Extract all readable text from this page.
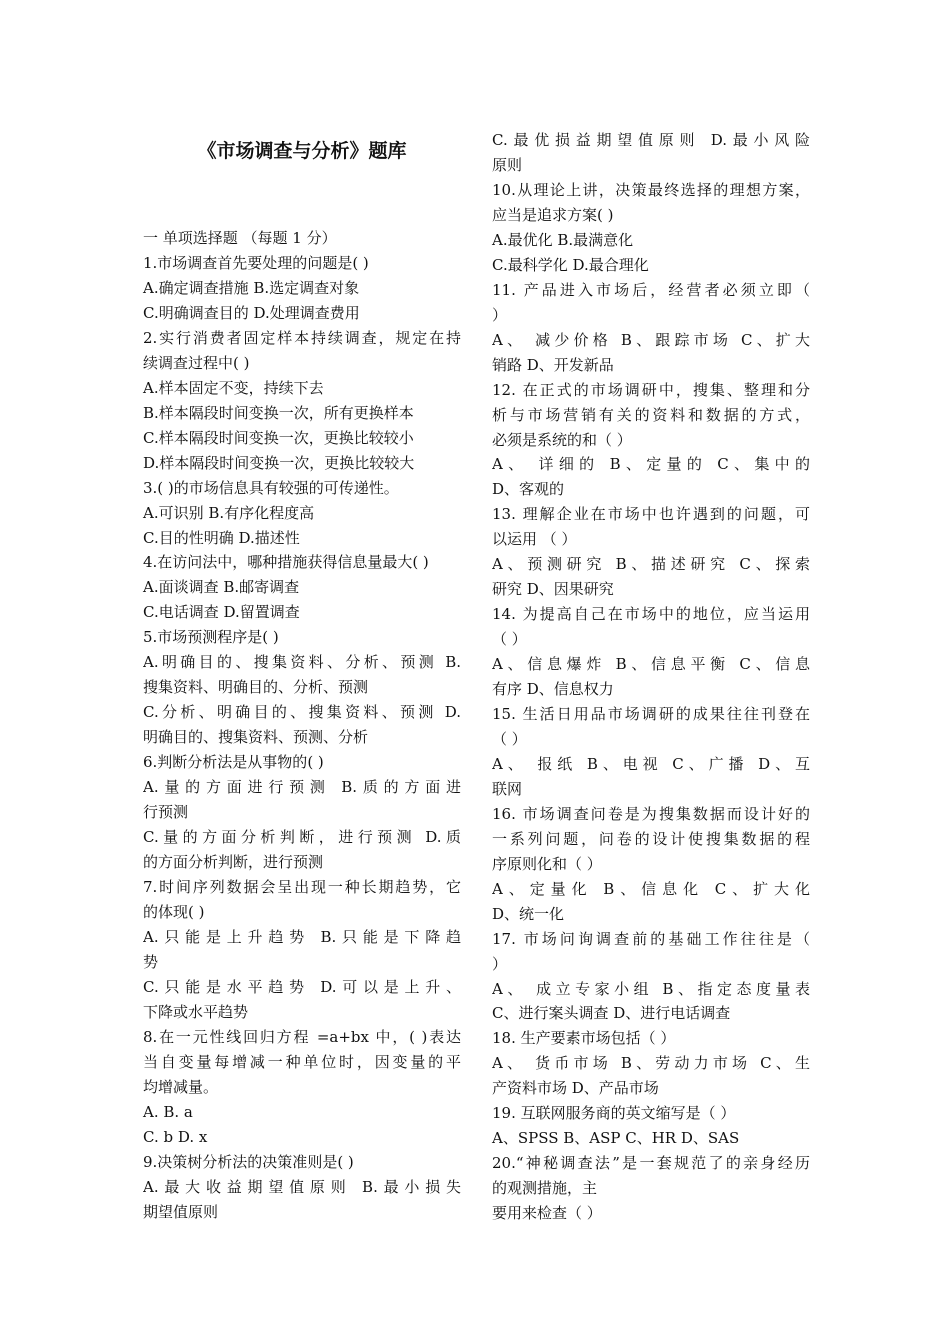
《市场调查与分析》题库
一 单项选择题 （每题 1 分）
1.市场调查首先要处理的问题是( )
A.确定调查措施 B.选定调查对象
C.明确调查目的 D.处理调查费用
2.实行消费者固定样本持续调查，规定在持
续调查过程中( )
A.样本固定不变，持续下去
B.样本隔段时间变换一次，所有更换样本
C.样本隔段时间变换一次，更换比较较小
D.样本隔段时间变换一次，更换比较较大
3.( )的市场信息具有较强的可传递性。
A.可识别 B.有序化程度高
C.目的性明确 D.描述性
4.在访问法中，哪种措施获得信息量最大( )
A.面谈调查 B.邮寄调查
C.电话调查 D.留置调查
5.市场预测程序是( )
A.明确目的、搜集资料、分析、预测 B.
搜集资料、明确目的、分析、预测
C.分析、明确目的、搜集资料、预测 D.
明确目的、搜集资料、预测、分析
6.判断分析法是从事物的( )
A.量的方面进行预测 B.质的方面进
行预测
C.量的方面分析判断，进行预测 D.质
的方面分析判断，进行预测
7.时间序列数据会呈出现一种长期趋势，它
的体现( )
A.只能是上升趋势 B.只能是下降趋
势
C.只能是水平趋势 D.可以是上升、
下降或水平趋势
8.在一元性线回归方程 =a+bx 中，( )表达
当自变量每增减一种单位时，因变量的平
均增减量。
A. B. a
C. b D. x
9.决策树分析法的决策准则是( )
A.最大收益期望值原则 B.最小损失
期望值原则
C.最优损益期望值原则 D.最小风险
原则
10.从理论上讲，决策最终选择的理想方案，
应当是追求方案( )
A.最优化 B.最满意化
C.最科学化 D.最合理化
11. 产品进入市场后，经营者必须立即（
）
A、 减少价格 B、跟踪市场 C、扩大
销路 D、开发新品
12. 在正式的市场调研中，搜集、整理和分
析与市场营销有关的资料和数据的方式，
必须是系统的和（ ）
A、 详细的 B、定量的 C、集中的
D、客观的
13. 理解企业在市场中也许遇到的问题，可
以运用 （ ）
A、预测研究 B、描述研究 C、探索
研究 D、因果研究
14. 为提高自己在市场中的地位，应当运用
（ ）
A、信息爆炸 B、信息平衡 C、信息
有序 D、信息权力
15. 生活日用品市场调研的成果往往刊登在
（ ）
A、 报纸 B、电视 C、广播 D、互
联网
16. 市场调查问卷是为搜集数据而设计好的
一系列问题，问卷的设计使搜集数据的程
序原则化和（ ）
A、定量化 B、信息化 C、扩大化
D、统一化
17. 市场问询调查前的基础工作往往是（
）
A、 成立专家小组 B、指定态度量表
C、进行案头调查 D、进行电话调查
18. 生产要素市场包括（ ）
A、 货币市场 B、劳动力市场 C、生
产资料市场 D、产品市场
19. 互联网服务商的英文缩写是（ ）
A、SPSS B、ASP C、HR D、SAS
20.“神秘调查法”是一套规范了的亲身经历
的观测措施，主
要用来检查（ ）
